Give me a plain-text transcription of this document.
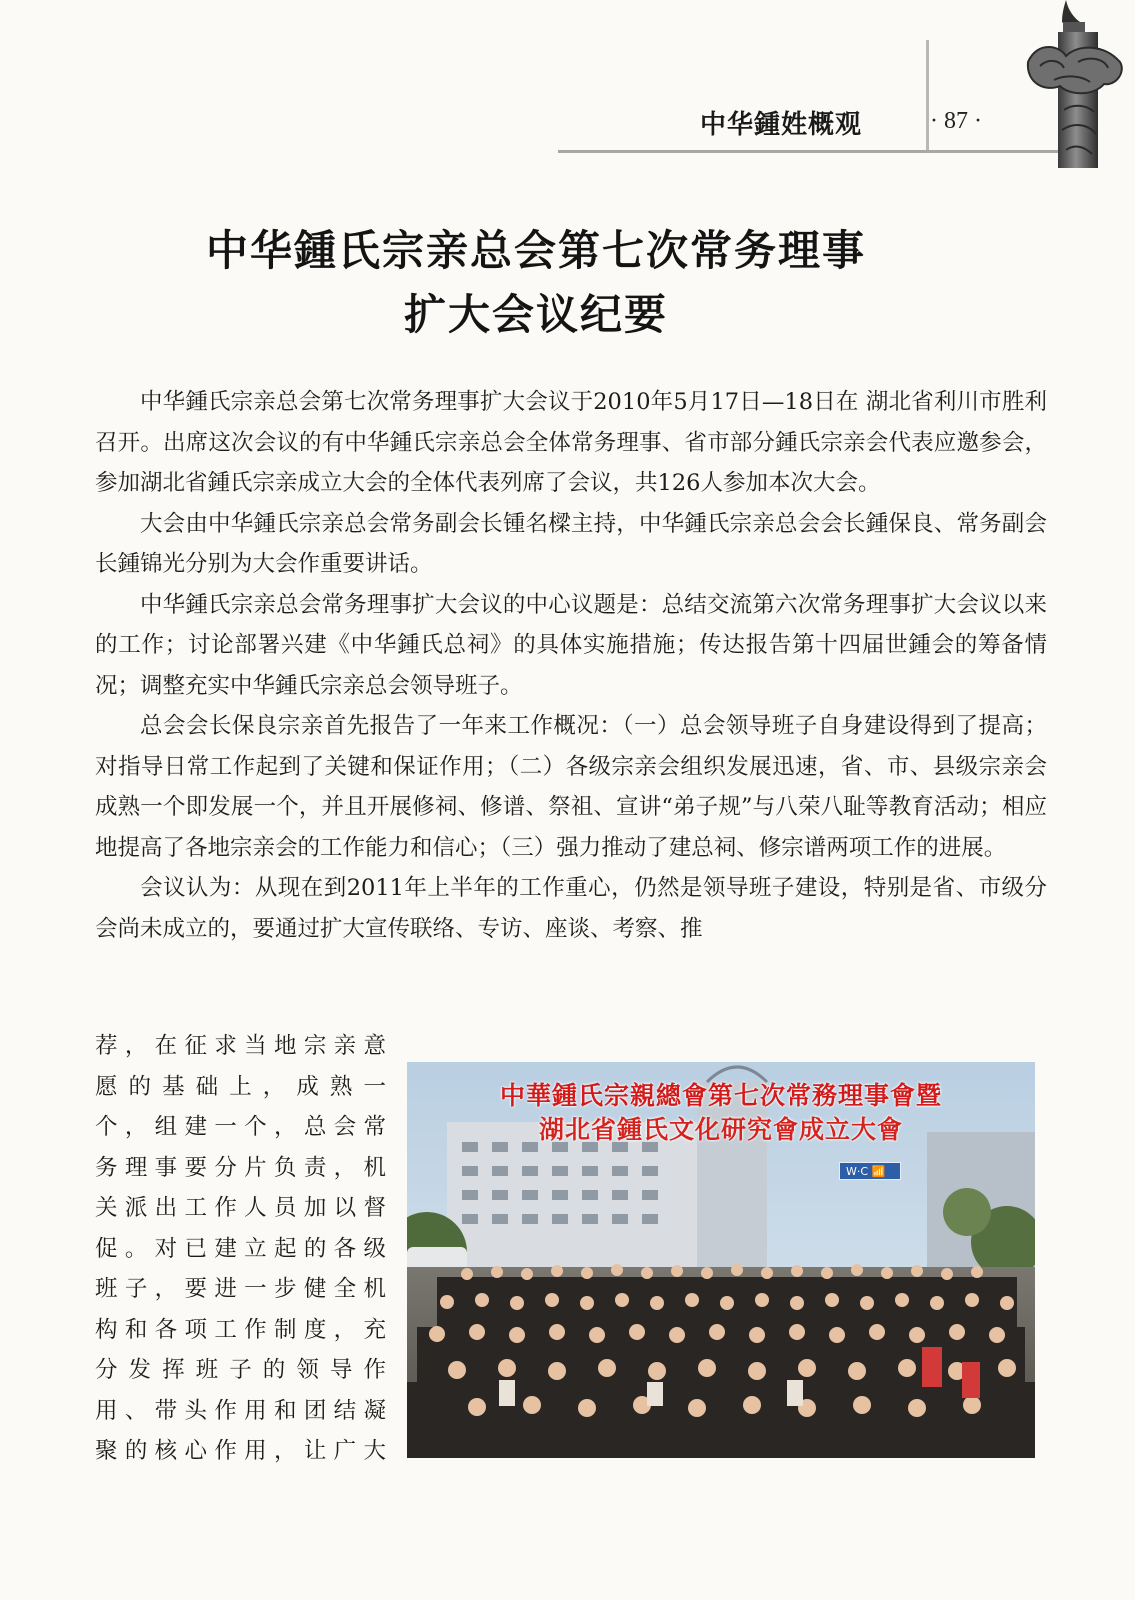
中华鍾姓概观	· 87 ·
中华鍾氏宗亲总会第七次常务理事
扩大会议纪要

中华鍾氏宗亲总会第七次常务理事扩大会议于2010年5月17日—18日在 湖北省利川市胜利召开。出席这次会议的有中华鍾氏宗亲总会全体常务理事、省市部分鍾氏宗亲会代表应邀参会，参加湖北省鍾氏宗亲成立大会的全体代表列席了会议，共126人参加本次大会。

大会由中华鍾氏宗亲总会常务副会长锺名樑主持，中华鍾氏宗亲总会会长鍾保良、常务副会长鍾锦光分别为大会作重要讲话。

中华鍾氏宗亲总会常务理事扩大会议的中心议题是：总结交流第六次常务理事扩大会议以来的工作；讨论部署兴建《中华鍾氏总祠》的具体实施措施；传达报告第十四届世鍾会的筹备情况；调整充实中华鍾氏宗亲总会领导班子。

总会会长保良宗亲首先报告了一年来工作概况：（一）总会领导班子自身建设得到了提高；对指导日常工作起到了关键和保证作用；（二）各级宗亲会组织发展迅速，省、市、县级宗亲会成熟一个即发展一个，并且开展修祠、修谱、祭祖、宣讲“弟子规”与八荣八耻等教育活动；相应地提高了各地宗亲会的工作能力和信心；（三）强力推动了建总祠、修宗谱两项工作的进展。

会议认为：从现在到2011年上半年的工作重心，仍然是领导班子建设，特别是省、市级分会尚未成立的，要通过扩大宣传联络、专访、座谈、考察、推

荐，在征求当地宗亲意

愿的基础上，成熟一

个，组建一个，总会常

务理事要分片负责，机

关派出工作人员加以督

促。对已建立起的各级

班子，要进一步健全机

构和各项工作制度，充

分发挥班子的领导作

用、带头作用和团结凝

聚的核心作用，让广大

中華鍾氏宗親總會第七次常務理事會暨
湖北省鍾氏文化研究會成立大會
W·C 📶
